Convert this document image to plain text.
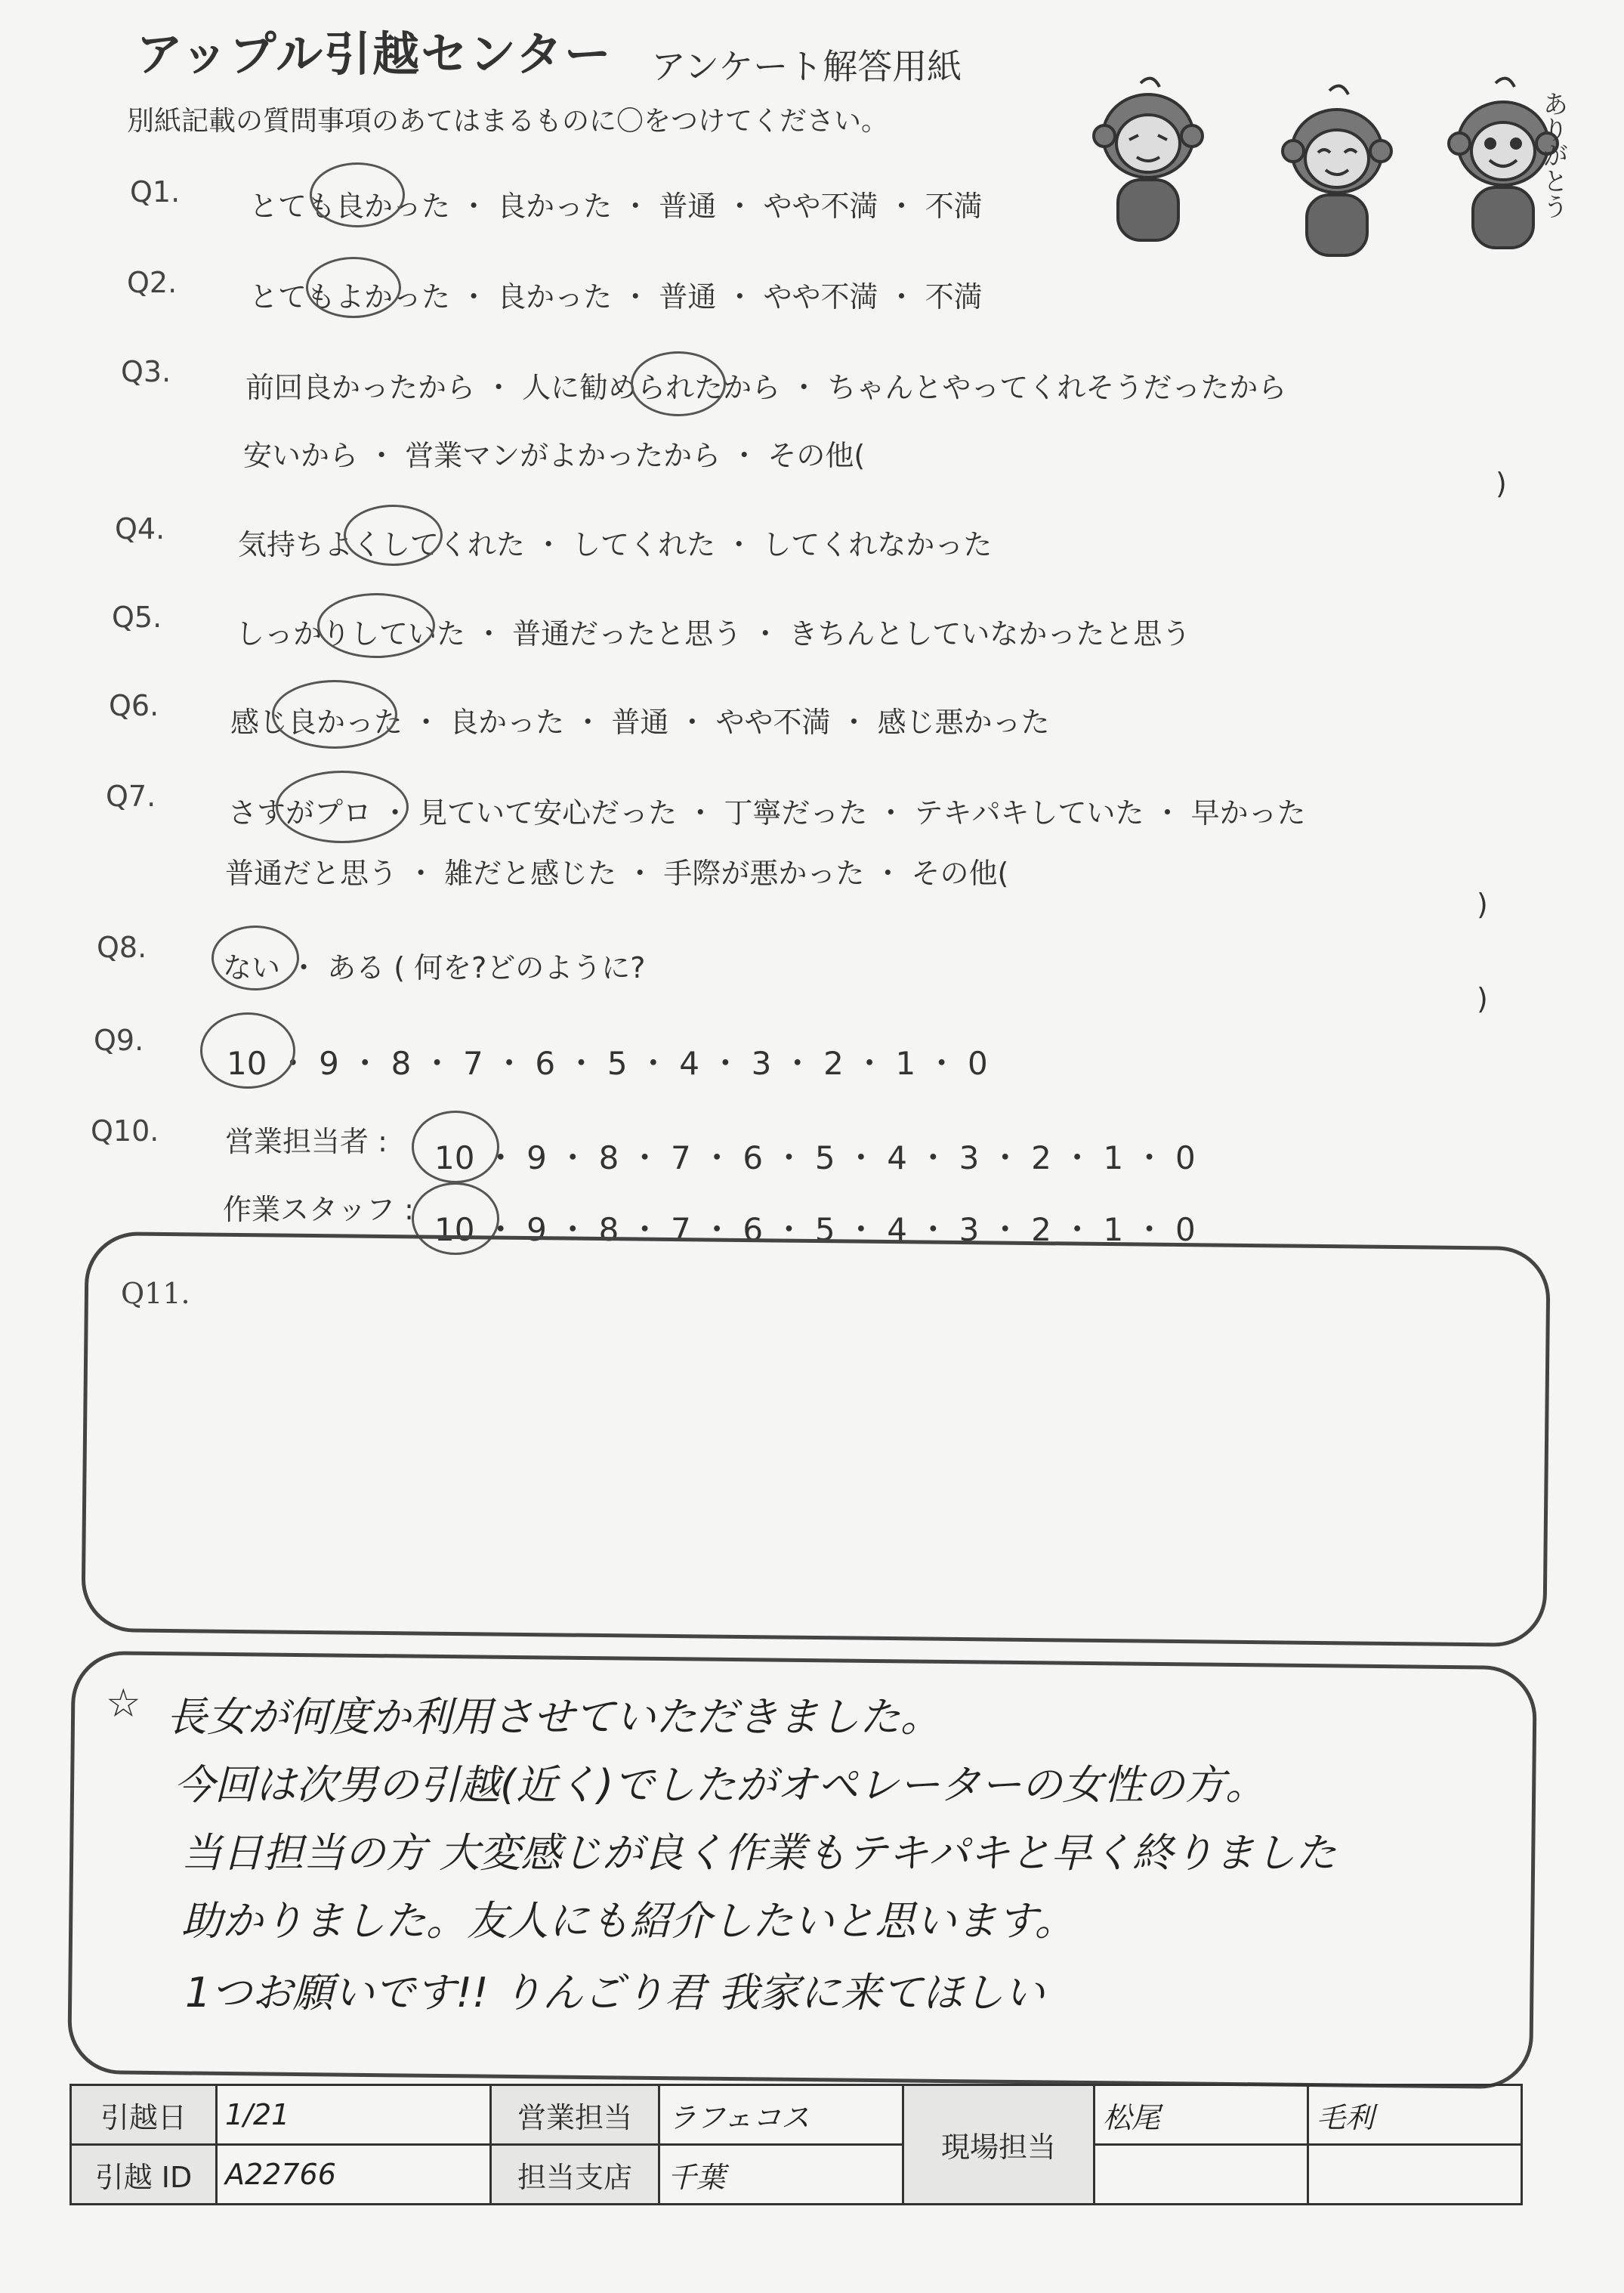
アップル引越センター アンケート解答用紙
別紙記載の質問事項のあてはまるものに〇をつけてください。	ありがとう
Q1. とても良かった ・ 良かった ・ 普通 ・ やや不満 ・ 不満
Q2.	とてもよかった ・ 良かった ・ 普通 ・ やや不満 ・ 不満
Q3.	前回良かったから ・ 人に勧められたから ・ ちゃんとやってくれそうだったから
安いから ・ 営業マンがよかったから ・ その他(
)
Q4.	気持ちよくしてくれた ・ してくれた ・ してくれなかった
Q5.	しっかりしていた ・ 普通だったと思う ・ きちんとしていなかったと思う
Q6. 感じ良かった ・ 良かった ・ 普通 ・ やや不満 ・ 感じ悪かった
Q7.	さすがプロ ・ 見ていて安心だった ・ 丁寧だった ・ テキパキしていた ・ 早かった
普通だと思う ・ 雑だと感じた ・ 手際が悪かった ・ その他(
)
Q8.
ない ・ ある ( 何を?どのように?
)
Q9.
10 ・ 9 ・ 8 ・ 7 ・ 6 ・ 5 ・ 4 ・ 3 ・ 2 ・ 1 ・ 0
Q10. 営業担当者 : 10 ・ 9 ・ 8 ・ 7 ・ 6 ・ 5 ・ 4 ・ 3 ・ 2 ・ 1 ・ 0
作業スタッフ :
10 ・ 9 ・ 8 ・ 7 ・ 6 ・ 5 ・ 4 ・ 3 ・ 2 ・ 1 ・ 0
Q11.
☆ 長女が何度か利用させていただきました。
今回は次男の引越(近く)でしたがオペレーターの女性の方。
当日担当の方 大変感じが良く作業もテキパキと早く終りました
助かりました。友人にも紹介したいと思います。
1つお願いです!! りんごり君 我家に来てほしい
引越日	1/21	営業担当	ラフェコス	現場担当	松尾	毛利
引越 ID	A22766	担当支店	千葉			
